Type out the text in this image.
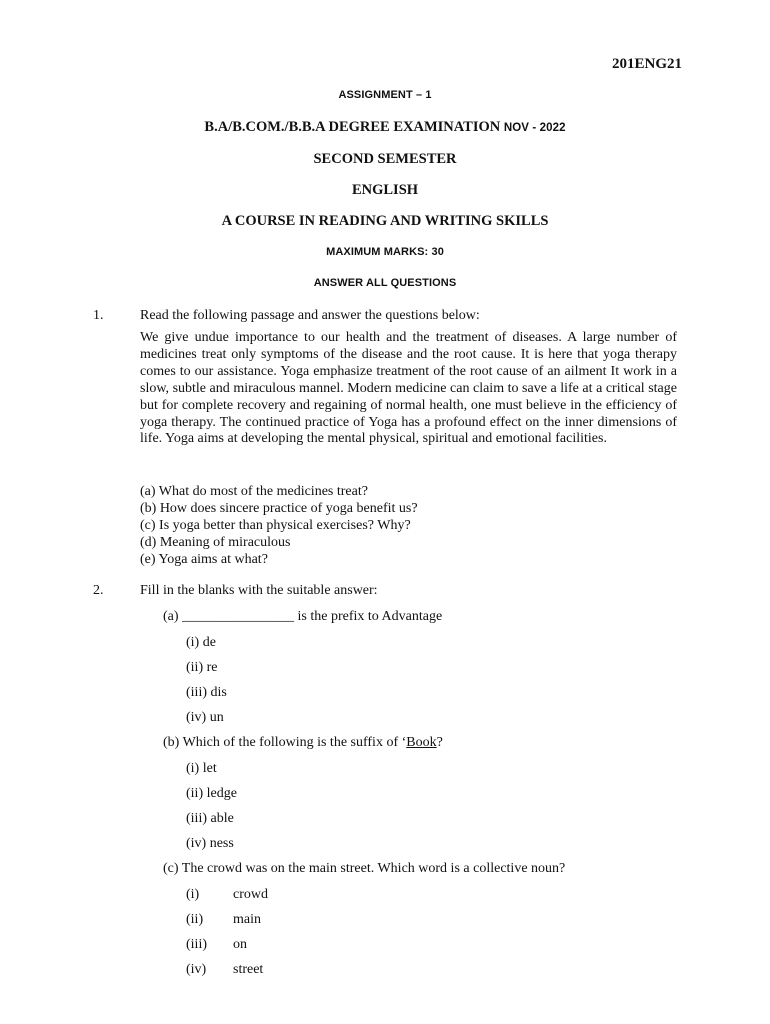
201ENG21
ASSIGNMENT – 1
B.A/B.COM./B.B.A DEGREE EXAMINATION NOV - 2022
SECOND SEMESTER
ENGLISH
A COURSE IN READING AND WRITING SKILLS
MAXIMUM MARKS: 30
ANSWER ALL QUESTIONS
1.	Read the following passage and answer the questions below:
We give undue importance to our health and the treatment of diseases. A large number of medicines treat only symptoms of the disease and the root cause. It is here that yoga therapy comes to our assistance. Yoga emphasize treatment of the root cause of an ailment It work in a slow, subtle and miraculous mannel. Modern medicine can claim to save a life at a critical stage but for complete recovery and regaining of normal health, one must believe in the efficiency of yoga therapy. The continued practice of Yoga has a profound effect on the inner dimensions of life. Yoga aims at developing the mental physical, spiritual and emotional facilities.
(a) What do most of the medicines treat?
(b) How does sincere practice of yoga benefit us?
(c) Is yoga better than physical exercises? Why?
(d) Meaning of miraculous
(e) Yoga aims at what?
2.	Fill in the blanks with the suitable answer:
(a) ________________ is the prefix to Advantage
(i) de
(ii) re
(iii) dis
(iv) un
(b) Which of the following is the suffix of ‘Book?
(i) let
(ii) ledge
(iii) able
(iv) ness
(c) The crowd was on the main street. Which word is a collective noun?
(i) crowd
(ii) main
(iii) on
(iv) street
